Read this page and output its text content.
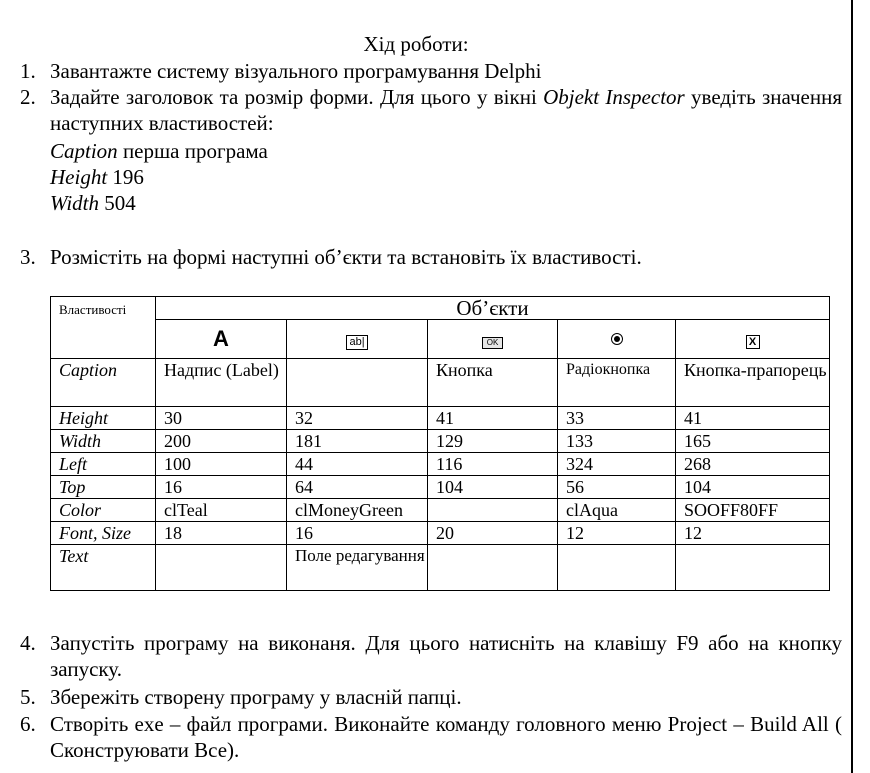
Хід роботи:
1. Завантажте систему візуального програмування Delphi
2. Задайте заголовок та розмір форми. Для цього у вікні Objekt Inspector уведіть значення наступних властивостей:
Caption перша програма
Height 196
Width 504
3. Розмістіть на формі наступні об’єкти та встановіть їх властивості.
Властивості	Об’єкти				
	A	ab|	OK		X
Caption	Надпис (Label)		Кнопка	Радіокнопка	Кнопка-прапорець
Height	30	32	41	33	41
Width	200	181	129	133	165
Left	100	44	116	324	268
Top	16	64	104	56	104
Color	clTeal	clMoneyGreen		clAqua	SOOFF80FF
Font, Size	18	16	20	12	12
Text		Поле редагування			
4. Запустіть програму на виконаня. Для цього натисніть на клавішу F9 або на кнопку запуску.
5. Збережіть створену програму у власній папці.
6. Створіть exe – файл програми. Виконайте команду головного меню Project – Build All ( Сконструювати Все).
